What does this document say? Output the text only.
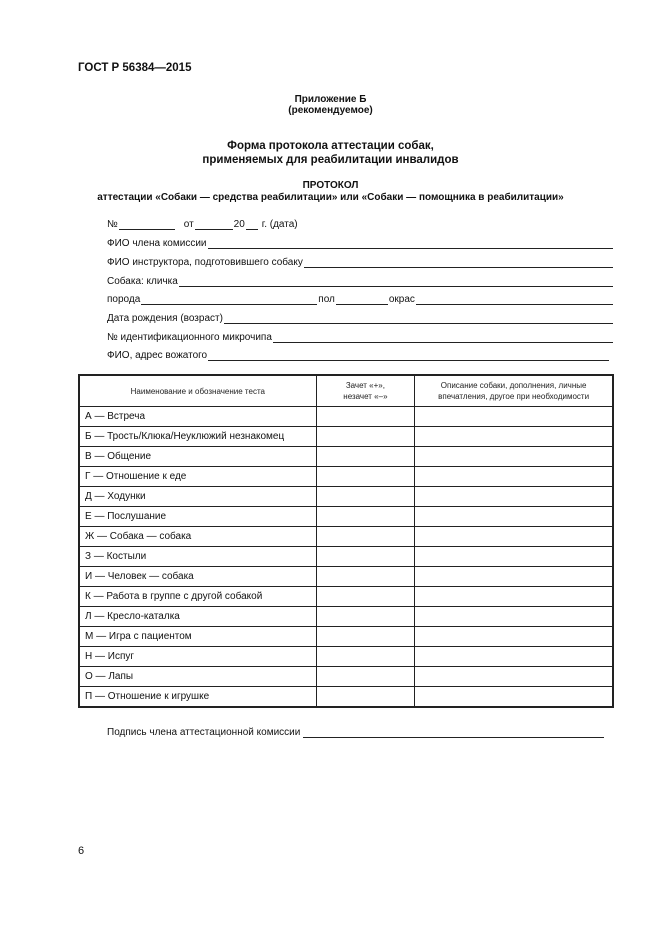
ГОСТ Р 56384—2015
Приложение Б
(рекомендуемое)
Форма протокола аттестации собак,
применяемых для реабилитации инвалидов
ПРОТОКОЛ
аттестации «Собаки — средства реабилитации» или «Собаки — помощника в реабилитации»
№	от	20 г. (дата)
ФИО члена комиссии
ФИО инструктора, подготовившего собаку
Собака: кличка
порода	пол	окрас
Дата рождения (возраст)
№ идентификационного микрочипа
ФИО, адрес вожатого
Наименование и обозначение теста	Зачет «+»,
незачет «–»	Описание собаки, дополнения, личные
впечатления, другое при необходимости
А — Встреча		
Б — Трость/Клюка/Неуклюжий незнакомец		
В — Общение		
Г — Отношение к еде		
Д — Ходунки		
Е — Послушание		
Ж — Собака — собака		
З — Костыли		
И — Человек — собака		
К — Работа в группе с другой собакой		
Л — Кресло-каталка		
М — Игра с пациентом		
Н — Испуг		
О — Лапы		
П — Отношение к игрушке		
Подпись члена аттестационной комиссии
6
